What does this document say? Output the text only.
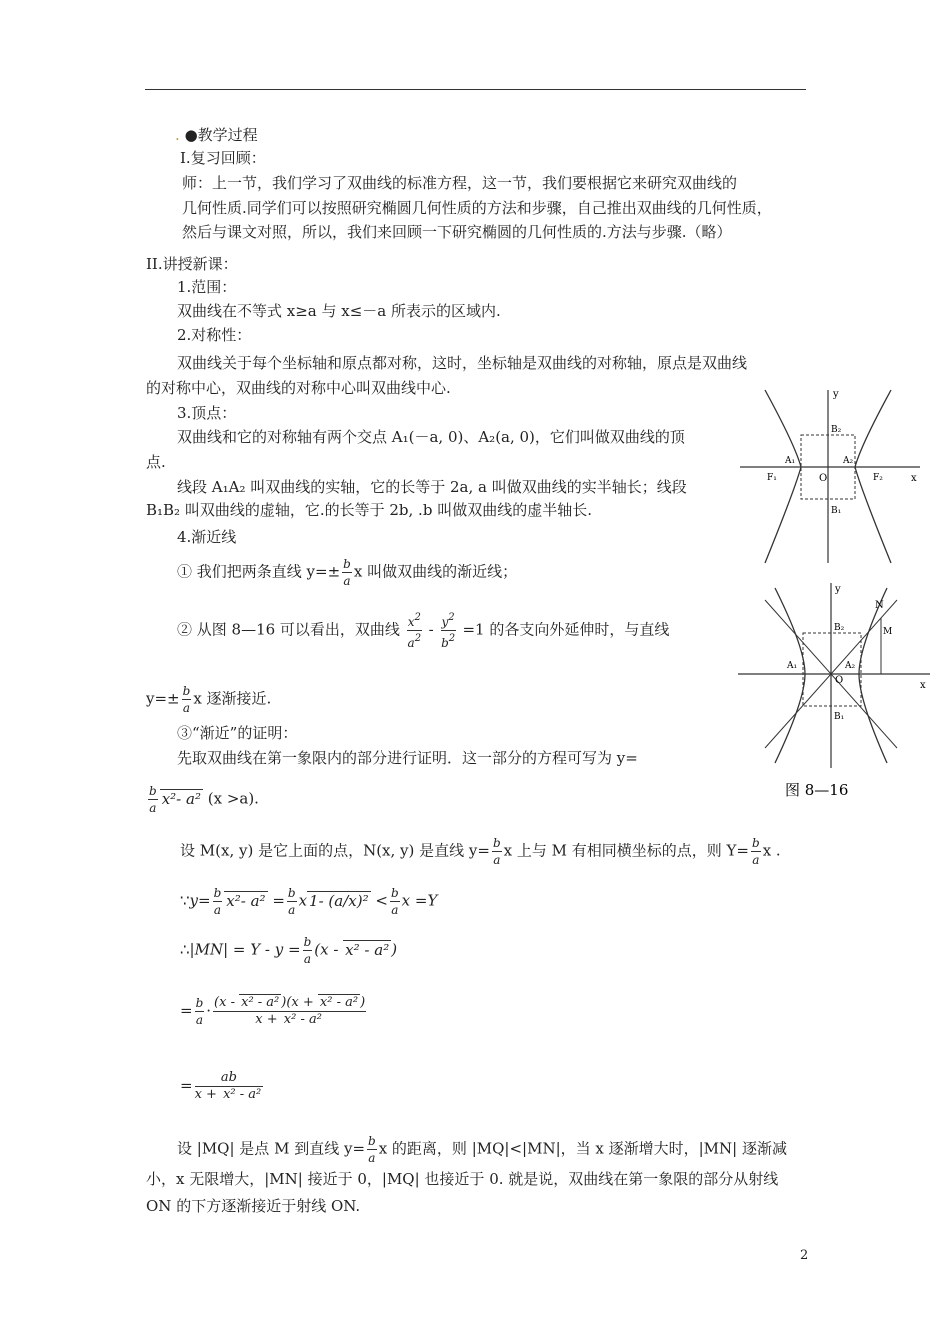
. ●教学过程
I.复习回顾：
师：上一节，我们学习了双曲线的标准方程，这一节，我们要根据它来研究双曲线的
几何性质.同学们可以按照研究椭圆几何性质的方法和步骤，自己推出双曲线的几何性质，
然后与课文对照，所以，我们来回顾一下研究椭圆的几何性质的.方法与步骤.（略）
II.讲授新课：
1.范围：
双曲线在不等式 x≥a 与 x≤－a 所表示的区域内.
2.对称性：
双曲线关于每个坐标轴和原点都对称，这时，坐标轴是双曲线的对称轴，原点是双曲线
的对称中心，双曲线的对称中心叫双曲线中心.
3.顶点：
双曲线和它的对称轴有两个交点 A₁(－a, 0)、A₂(a, 0)，它们叫做双曲线的顶
点.
线段 A₁A₂ 叫双曲线的实轴，它的长等于 2a, a 叫做双曲线的实半轴长；线段
B₁B₂ 叫双曲线的虚轴，它.的长等于 2b, .b 叫做双曲线的虚半轴长.
4.渐近线
① 我们把两条直线 $y=\pm \frac{b}{a}$ x 叫做双曲线的渐近线；
② 从图 8—16 可以看出，双曲线 $\frac{x^2}{a^2} - \frac{y^2}{b^2} =1$ 的各支向外延伸时，与直线
$y=\pm \frac{b}{a}$ x 逐渐接近.
③“渐近”的证明：
先取双曲线在第一象限内的部分进行证明．这一部分的方程可写为 y=
$\frac{b}{a} x^2-$ a² (x >a).
设 M(x, y) 是它上面的点，N(x, y) 是直线 $y= \frac{b}{a}$ x 上与 M 有相同横坐标的点，则 $Y= \frac{b}{a}$ x .
∵y= $\frac{b}{a} x^2-$ $a^2 = \frac{b}{a}$ x 1- $(a/x)^2 < \frac{b}{a}$ x =Y
∴|MN| = $Y - y = \frac{b}{a} (x - x^2 - a^2$ )
= $\frac{b}{a} \cdot \frac{\text{(x - x² - a² )(x + x² - a² )}}{\text{x + x² - a²}}$
= $\frac{ab}{\text{x + x² - a²}}$
设 |MQ| 是点 M 到直线 $y= \frac{b}{a}$ x 的距离，则 |MQ|<|MN|，当 x 逐渐增大时，|MN| 逐渐减
小，x 无限增大，|MN| 接近于 0，|MQ| 也接近于 0. 就是说，双曲线在第一象限的部分从射线
ON 的下方逐渐接近于射线 ON.
y
x
O
A₁	A₂
B₂
B₁
F₁	F₂
y
x
O
A₁	A₂
B₂
B₁
N
M
图 8—16
2
